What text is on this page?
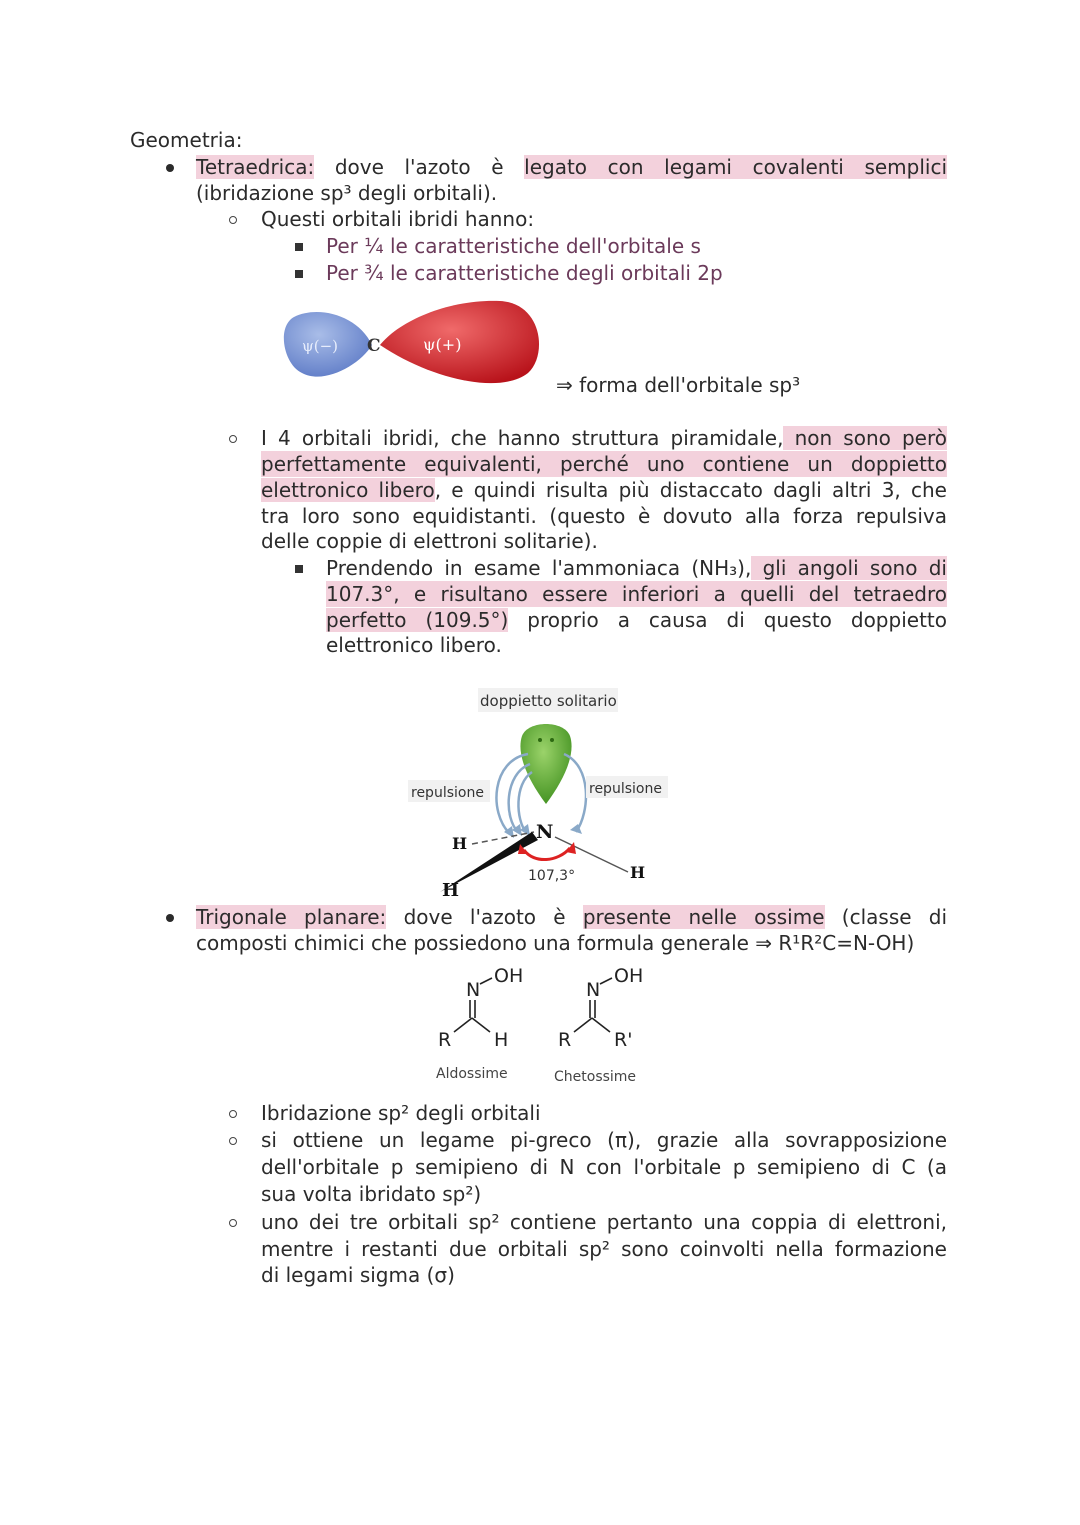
Geometria:
Tetraedrica: dove l'azoto è legato con legami covalenti semplici
(ibridazione sp³ degli orbitali).
Questi orbitali ibridi hanno:
Per ¼ le caratteristiche dell'orbitale s
Per ¾ le caratteristiche degli orbitali 2p
ψ(−) C	ψ(+)
⇒ forma dell'orbitale sp³
I 4 orbitali ibridi, che hanno struttura piramidale, non sono però
perfettamente equivalenti, perché uno contiene un doppietto
elettronico libero, e quindi risulta più distaccato dagli altri 3, che
tra loro sono equidistanti. (questo è dovuto alla forza repulsiva
delle coppie di elettroni solitarie).
Prendendo in esame l'ammoniaca (NH₃), gli angoli sono di
107.3°, e risultano essere inferiori a quelli del tetraedro
perfetto (109.5°) proprio a causa di questo doppietto
elettronico libero.
doppietto solitario
repulsione	repulsione
N
H
H
H
107,3°
Trigonale planare: dove l'azoto è presente nelle ossime (classe di
composti chimici che possiedono una formula generale ⇒ R¹R²C=N-OH)
N
OH
R H
N
OH
R R'
Aldossime	Chetossime
Ibridazione sp² degli orbitali
si ottiene un legame pi-greco (π), grazie alla sovrapposizione
dell'orbitale p semipieno di N con l'orbitale p semipieno di C (a
sua volta ibridato sp²)
uno dei tre orbitali sp² contiene pertanto una coppia di elettroni,
mentre i restanti due orbitali sp² sono coinvolti nella formazione
di legami sigma (σ)
